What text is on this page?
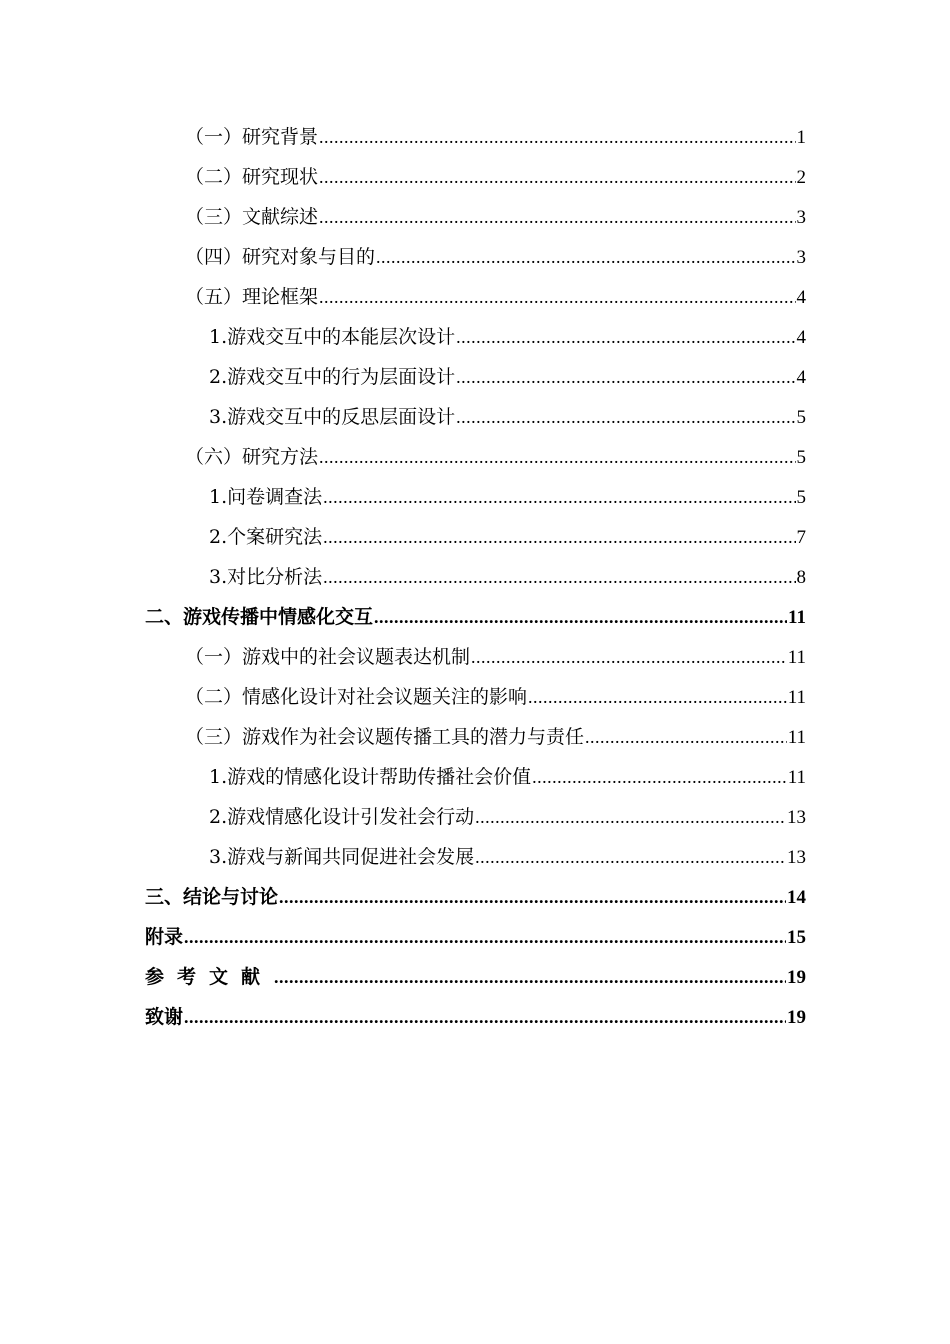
（一）研究背景 .....	1
（二）研究现状 .....	2
（三）文献综述 .....	3
（四）研究对象与目的 .....	3
（五）理论框架 .....	4
1.游戏交互中的本能层次设计 .....	4
2.游戏交互中的行为层面设计 .....	4
3.游戏交互中的反思层面设计 .....	5
（六）研究方法 .....	5
1.问卷调查法 .....	5
2.个案研究法 .....	7
3.对比分析法 .....	8
二、游戏传播中情感化交互 .....	11
（一）游戏中的社会议题表达机制 .....	11
（二）情感化设计对社会议题关注的影响 .....	11
（三）游戏作为社会议题传播工具的潜力与责任 .....	11
1.游戏的情感化设计帮助传播社会价值 .....	11
2.游戏情感化设计引发社会行动 .....	13
3.游戏与新闻共同促进社会发展 .....	13
三、结论与讨论 .....	14
附录 .....	15
参考文献 .....	19
致谢 .....	19
